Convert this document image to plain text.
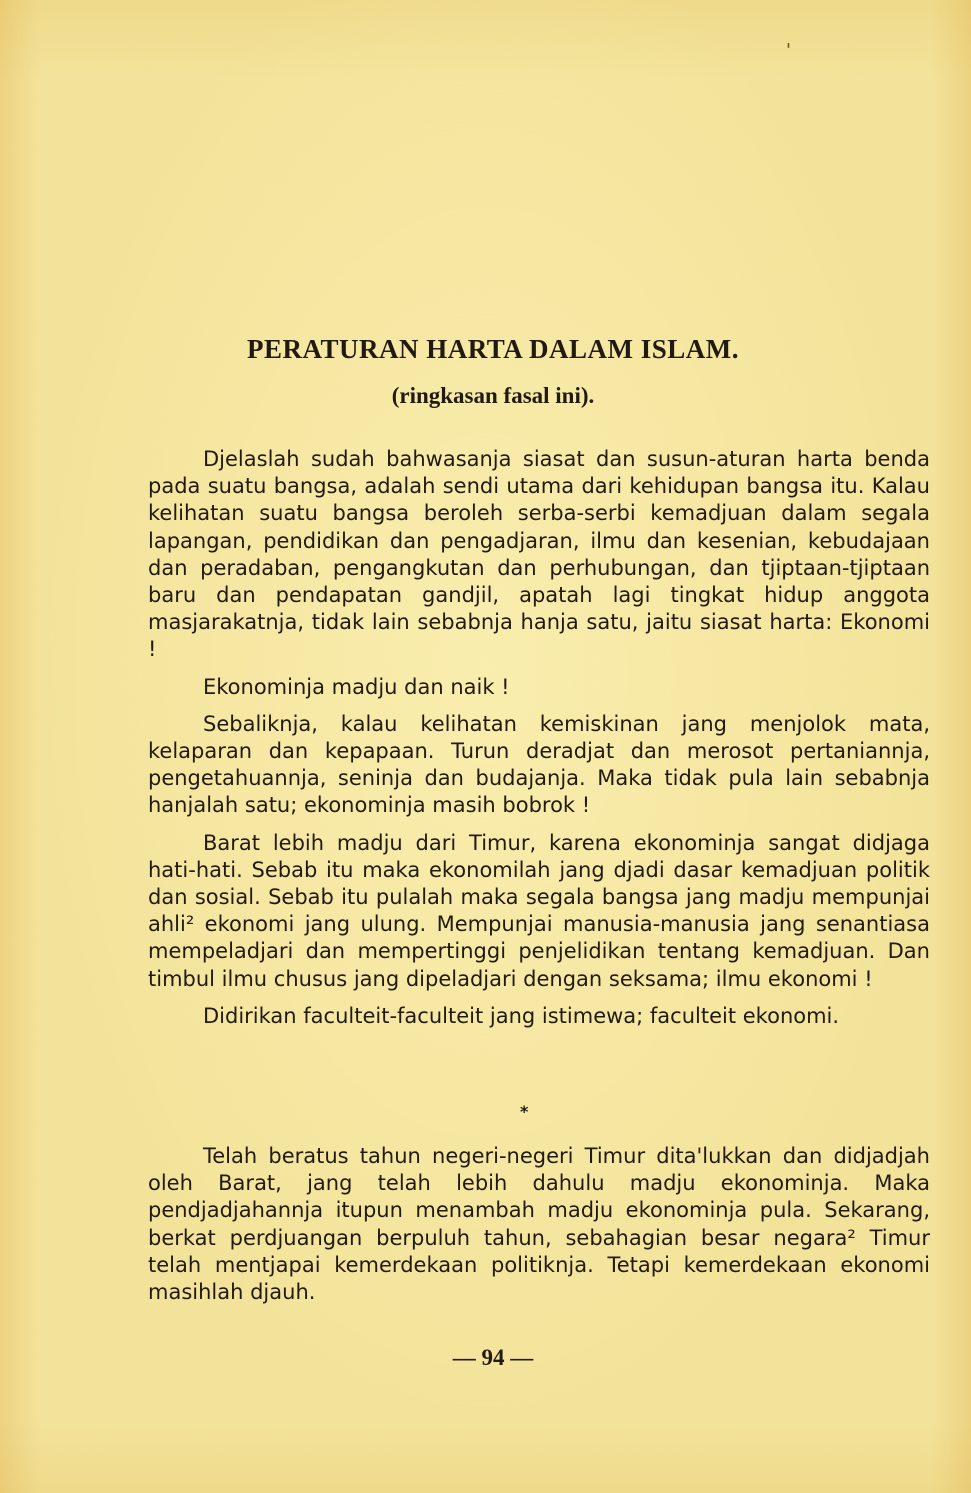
'
PERATURAN HARTA DALAM ISLAM.
(ringkasan fasal ini).

Djelaslah sudah bahwasanja siasat dan susun-aturan harta benda pada suatu bangsa, adalah sendi utama dari kehidupan bangsa itu. Kalau kelihatan suatu bangsa beroleh serba-serbi kemadjuan dalam segala lapangan, pendidikan dan pengadjaran, ilmu dan kesenian, kebudajaan dan peradaban, pengangkutan dan perhubungan, dan tjiptaan-tjiptaan baru dan pendapatan gandjil, apatah lagi tingkat hidup anggota masjarakatnja, tidak lain sebabnja hanja satu, jaitu siasat harta: Ekonomi !

Ekonominja madju dan naik !

Sebaliknja, kalau kelihatan kemiskinan jang menjolok mata, kelaparan dan kepapaan. Turun deradjat dan merosot pertaniannja, pengetahuannja, seninja dan budajanja. Maka tidak pula lain sebabnja hanjalah satu; ekonominja masih bobrok !

Barat lebih madju dari Timur, karena ekonominja sangat didjaga hati-hati. Sebab itu maka ekonomilah jang djadi dasar kemadjuan politik dan sosial. Sebab itu pulalah maka segala bangsa jang madju mempunjai ahli² ekonomi jang ulung. Mempunjai manusia-manusia jang senantiasa mempeladjari dan mempertinggi penjelidikan tentang kemadjuan. Dan timbul ilmu chusus jang dipeladjari dengan seksama; ilmu ekonomi !

Didirikan faculteit-faculteit jang istimewa; faculteit ekonomi.

*

Telah beratus tahun negeri-negeri Timur dita'lukkan dan didjadjah oleh Barat, jang telah lebih dahulu madju ekonominja. Maka pendjadjahannja itupun menambah madju ekonominja pula. Sekarang, berkat perdjuangan berpuluh tahun, sebahagian besar negara² Timur telah mentjapai kemerdekaan politiknja. Tetapi kemerdekaan ekonomi masihlah djauh.

— 94 —
